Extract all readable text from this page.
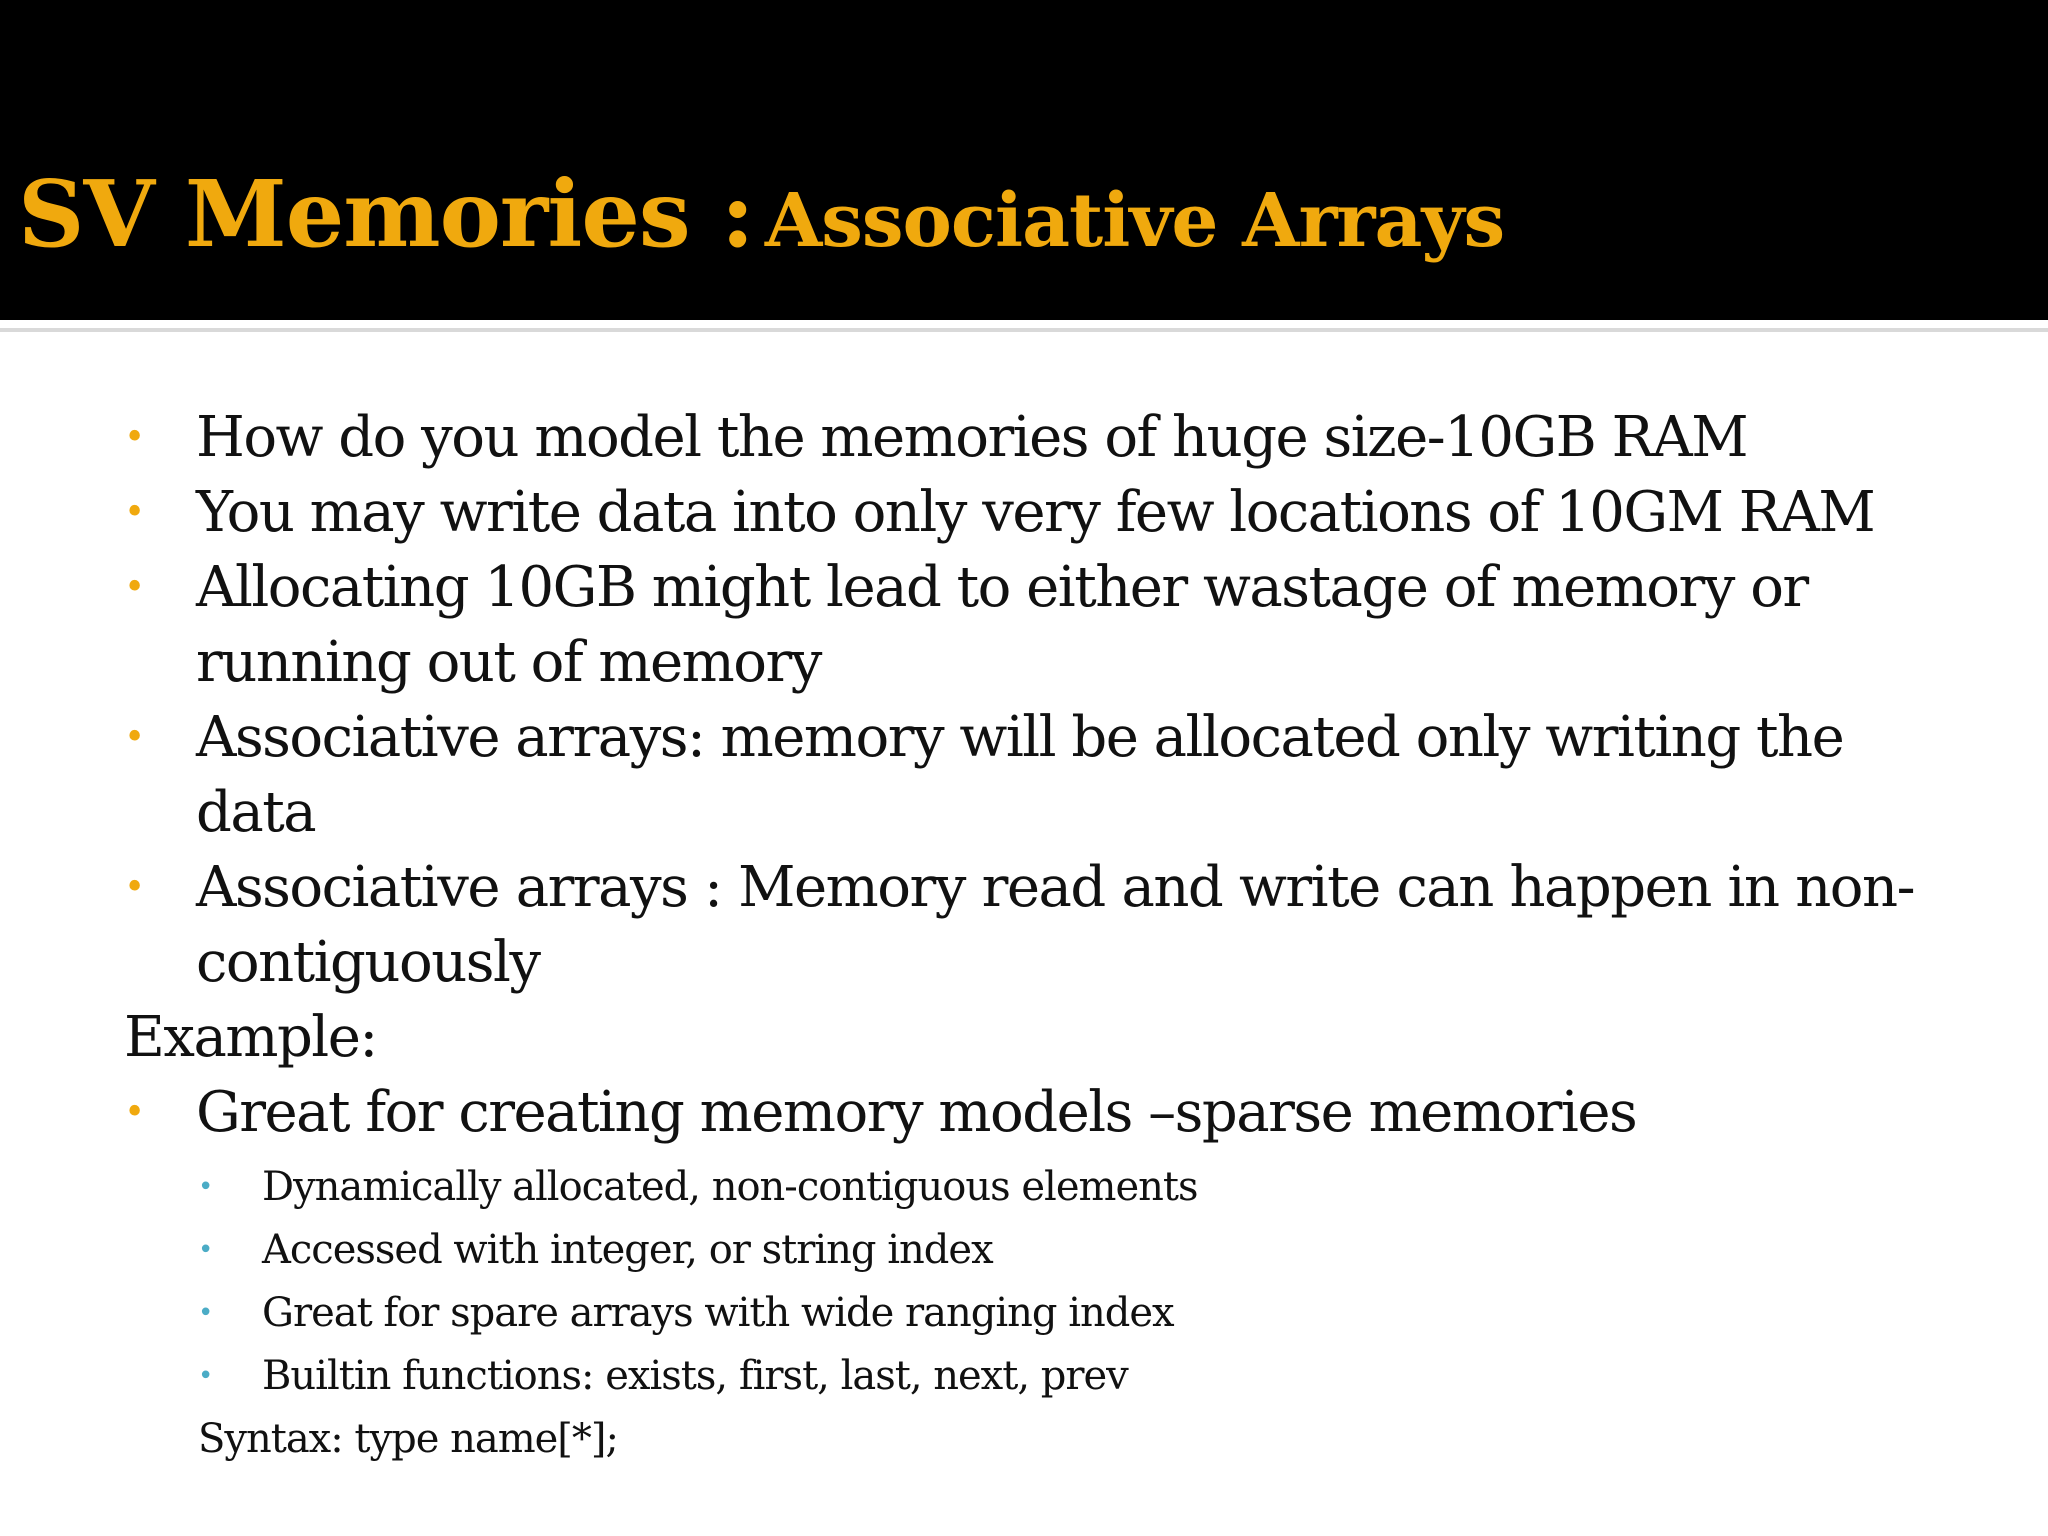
SV Memories : Associative Arrays
• How do you model the memories of huge size-10GB RAM
• You may write data into only very few locations of 10GM RAM
• Allocating 10GB might lead to either wastage of memory or running out of memory
• Associative arrays: memory will be allocated only writing the data
• Associative arrays : Memory read and write can happen in non-contiguously
Example:
• Great for creating memory models –sparse memories
• Dynamically allocated, non-contiguous elements
• Accessed with integer, or string index
• Great for spare arrays with wide ranging index
• Builtin functions: exists, first, last, next, prev
Syntax: type name[*];
